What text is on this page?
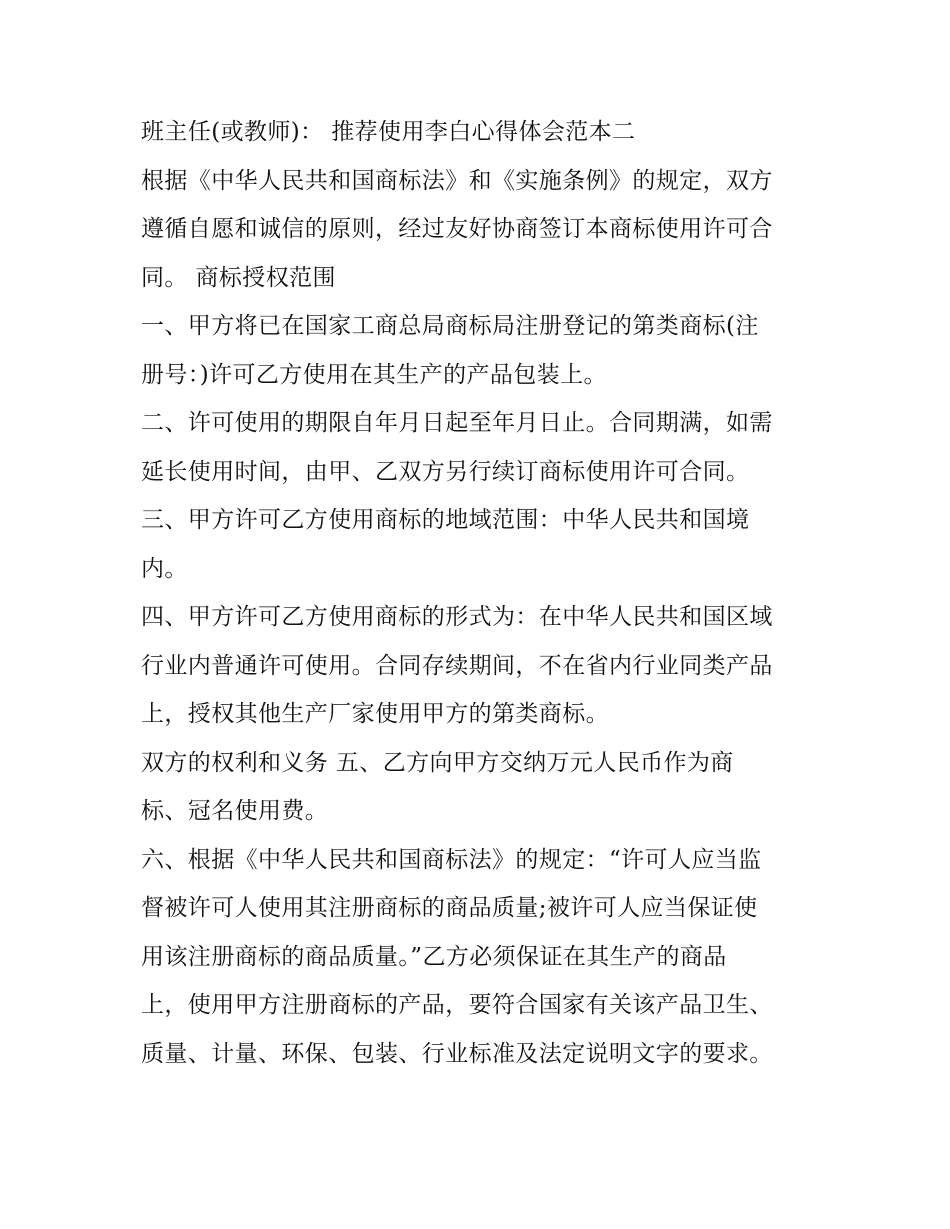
班主任(或教师)： 推荐使用李白心得体会范本二
根据《中华人民共和国商标法》和《实施条例》的规定，双方
遵循自愿和诚信的原则，经过友好协商签订本商标使用许可合
同。 商标授权范围
一、甲方将已在国家工商总局商标局注册登记的第类商标(注
册号：)许可乙方使用在其生产的产品包装上。
二、许可使用的期限自年月日起至年月日止。合同期满，如需
延长使用时间，由甲、乙双方另行续订商标使用许可合同。
三、甲方许可乙方使用商标的地域范围：中华人民共和国境
内。
四、甲方许可乙方使用商标的形式为：在中华人民共和国区域
行业内普通许可使用。合同存续期间，不在省内行业同类产品
上，授权其他生产厂家使用甲方的第类商标。
双方的权利和义务 五、乙方向甲方交纳万元人民币作为商
标、冠名使用费。
六、根据《中华人民共和国商标法》的规定：“许可人应当监
督被许可人使用其注册商标的商品质量;被许可人应当保证使
用该注册商标的商品质量。”乙方必须保证在其生产的商品
上，使用甲方注册商标的产品，要符合国家有关该产品卫生、
质量、计量、环保、包装、行业标准及法定说明文字的要求。
